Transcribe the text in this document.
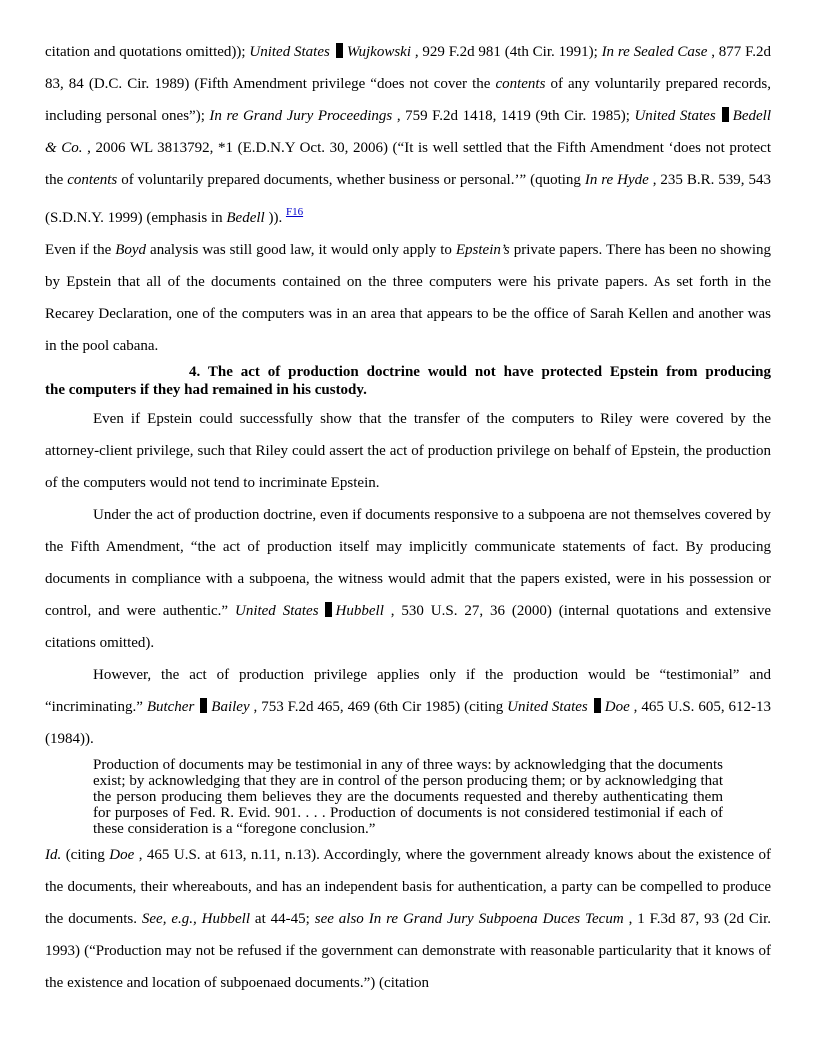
citation and quotations omitted)); United States Wujkowski , 929 F.2d 981 (4th Cir. 1991); In re Sealed Case , 877 F.2d 83, 84 (D.C. Cir. 1989) (Fifth Amendment privilege “does not cover the contents of any voluntarily prepared records, including personal ones”); In re Grand Jury Proceedings , 759 F.2d 1418, 1419 (9th Cir. 1985); United States Bedell & Co. , 2006 WL 3813792, *1 (E.D.N.Y Oct. 30, 2006) (“It is well settled that the Fifth Amendment ‘does not protect the contents of voluntarily prepared documents, whether business or personal.’” (quoting In re Hyde , 235 B.R. 539, 543 (S.D.N.Y. 1999) (emphasis in Bedell )). $^{F16}$

Even if the Boyd analysis was still good law, it would only apply to Epstein’s private papers. There has been no showing by Epstein that all of the documents contained on the three computers were his private papers. As set forth in the Recarey Declaration, one of the computers was in an area that appears to be the office of Sarah Kellen and another was in the pool cabana.

4. The act of production doctrine would not have protected Epstein from producing
the computers if they had remained in his custody.

Even if Epstein could successfully show that the transfer of the computers to Riley were covered by the attorney-client privilege, such that Riley could assert the act of production privilege on behalf of Epstein, the production of the computers would not tend to incriminate Epstein.

Under the act of production doctrine, even if documents responsive to a subpoena are not themselves covered by the Fifth Amendment, “the act of production itself may implicitly communicate statements of fact. By producing documents in compliance with a subpoena, the witness would admit that the papers existed, were in his possession or control, and were authentic.” United States Hubbell , 530 U.S. 27, 36 (2000) (internal quotations and extensive citations omitted).

However, the act of production privilege applies only if the production would be “testimonial” and “incriminating.” Butcher Bailey , 753 F.2d 465, 469 (6th Cir 1985) (citing United States Doe , 465 U.S. 605, 612-13 (1984)).

Production of documents may be testimonial in any of three ways: by acknowledging that the documents exist; by acknowledging that they are in control of the person producing them; or by acknowledging that the person producing them believes they are the documents requested and thereby authenticating them for purposes of Fed. R. Evid. 901. . . . Production of documents is not considered testimonial if each of these consideration is a “foregone conclusion.”

Id. (citing Doe , 465 U.S. at 613, n.11, n.13). Accordingly, where the government already knows about the existence of the documents, their whereabouts, and has an independent basis for authentication, a party can be compelled to produce the documents. See, e.g., Hubbell at 44-45; see also In re Grand Jury Subpoena Duces Tecum , 1 F.3d 87, 93 (2d Cir. 1993) (“Production may not be refused if the government can demonstrate with reasonable particularity that it knows of the existence and location of subpoenaed documents.”) (citation
